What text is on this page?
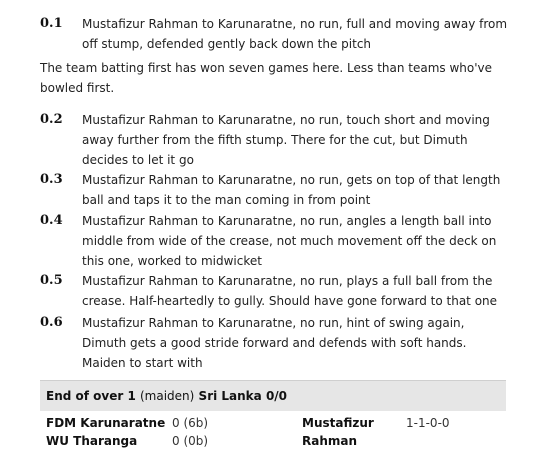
0.1 Mustafizur Rahman to Karunaratne, no run, full and moving away from off stump, defended gently back down the pitch
The team batting first has won seven games here. Less than teams who've bowled first.
0.2 Mustafizur Rahman to Karunaratne, no run, touch short and moving away further from the fifth stump. There for the cut, but Dimuth decides to let it go
0.3 Mustafizur Rahman to Karunaratne, no run, gets on top of that length ball and taps it to the man coming in from point
0.4 Mustafizur Rahman to Karunaratne, no run, angles a length ball into middle from wide of the crease, not much movement off the deck on this one, worked to midwicket
0.5 Mustafizur Rahman to Karunaratne, no run, plays a full ball from the crease. Half-heartedly to gully. Should have gone forward to that one
0.6 Mustafizur Rahman to Karunaratne, no run, hint of swing again, Dimuth gets a good stride forward and defends with soft hands. Maiden to start with
End of over 1 (maiden) Sri Lanka 0/0
FDM Karunaratne 0 (6b)
WU Tharanga	0 (0b)
Mustafizur Rahman
1-1-0-0
